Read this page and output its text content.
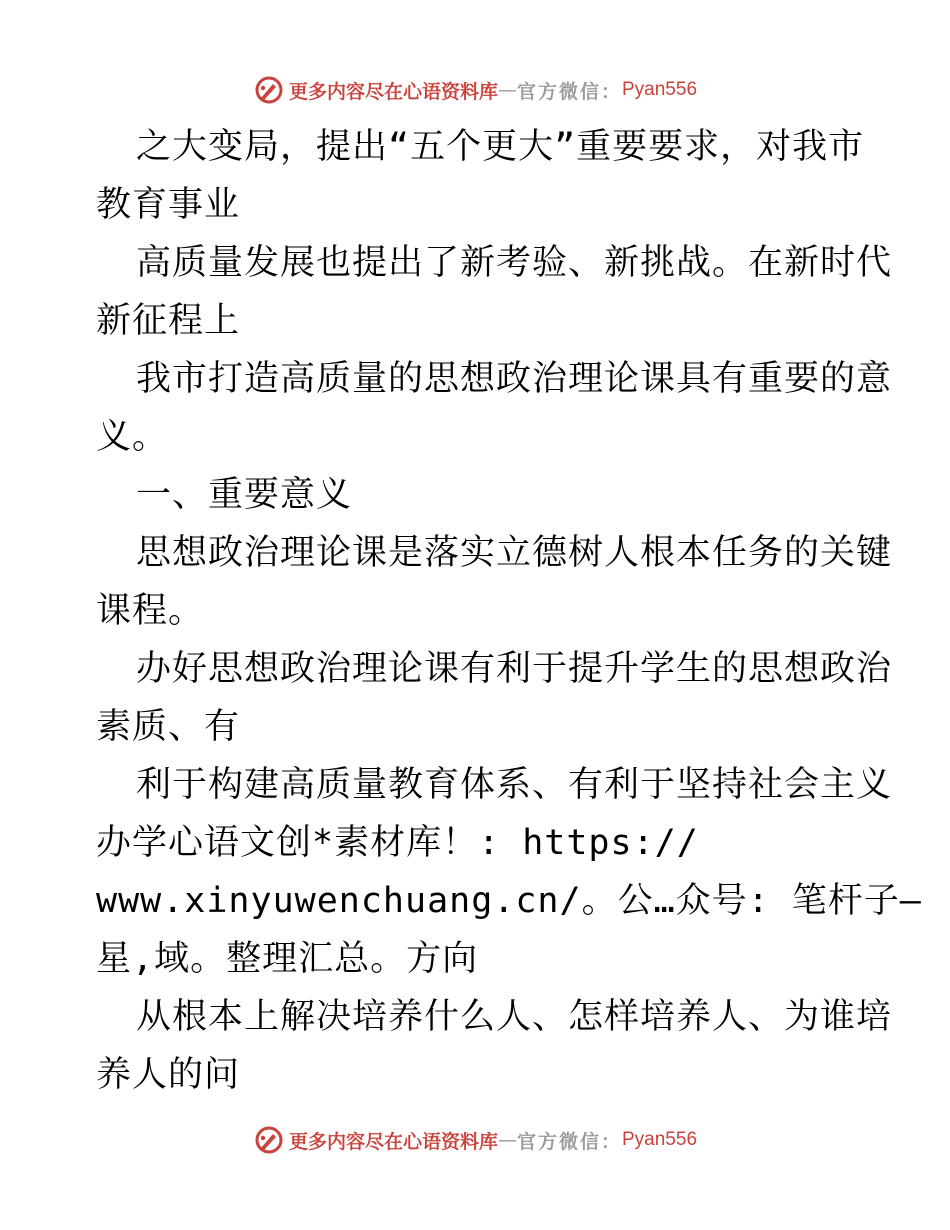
更多内容尽在心语资料库 — 官方微信： Pyan556
之大变局，提出“五个更大”重要要求，对我市
教育事业
高质量发展也提出了新考验、新挑战。在新时代
新征程上
我市打造高质量的思想政治理论课具有重要的意
义。
一、重要意义
思想政治理论课是落实立德树人根本任务的关键
课程。
办好思想政治理论课有利于提升学生的思想政治
素质、有
利于构建高质量教育体系、有利于坚持社会主义
办学心语文创*素材库！: https://
www.xinyuwenchuang.cn/。公…众号: 笔杆子—
星,域。整理汇总。方向
从根本上解决培养什么人、怎样培养人、为谁培
养人的问
更多内容尽在心语资料库 — 官方微信： Pyan556
